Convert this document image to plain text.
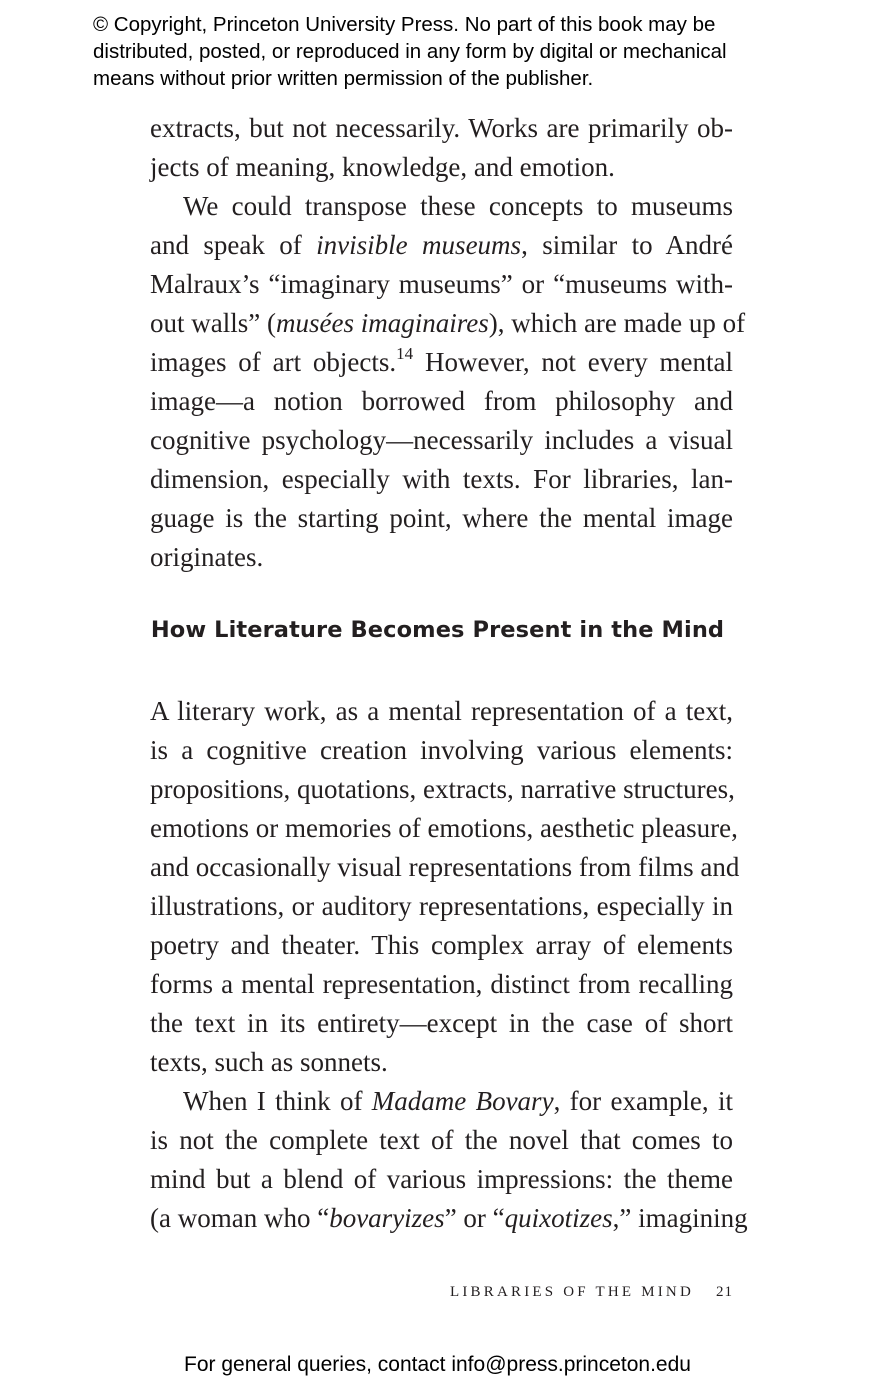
© Copyright, Princeton University Press. No part of this book may be
distributed, posted, or reproduced in any form by digital or mechanical
means without prior written permission of the publisher.
extracts, but not necessarily. Works are primarily ob-
jects of meaning, knowledge, and emotion.
We could transpose these concepts to museums
and speak of invisible museums, similar to André
Malraux’s “imaginary museums” or “museums with-
out walls” (musées imaginaires), which are made up of
images of art objects.$^{14}$ However, not every mental
image—a notion borrowed from philosophy and
cognitive psychology—necessarily includes a visual
dimension, especially with texts. For libraries, lan-
guage is the starting point, where the mental image
originates.
How Literature Becomes Present in the Mind
A literary work, as a mental representation of a text,
is a cognitive creation involving various elements:
propositions, quotations, extracts, narrative structures,
emotions or memories of emotions, aesthetic pleasure,
and occasionally visual representations from films and
illustrations, or auditory representations, especially in
poetry and theater. This complex array of elements
forms a mental representation, distinct from recalling
the text in its entirety—except in the case of short
texts, such as sonnets.
When I think of Madame Bovary, for example, it
is not the complete text of the novel that comes to
mind but a blend of various impressions: the theme
(a woman who “bovaryizes” or “quixotizes,” imagining
LIBRARIES OF THE MIND 21
For general queries, contact info@press.princeton.edu
